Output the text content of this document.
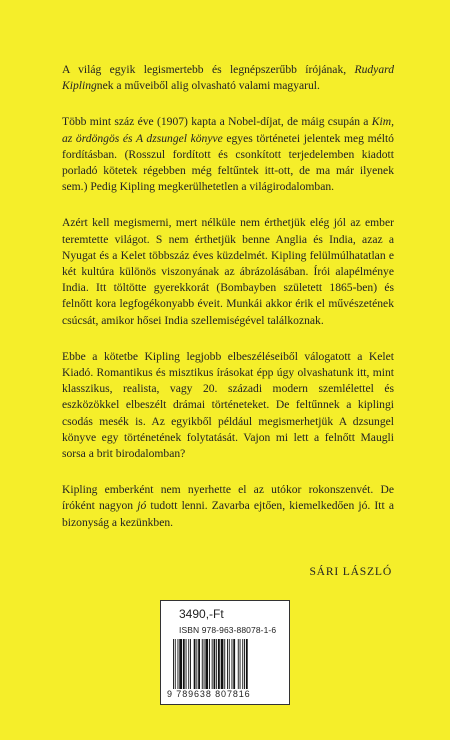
A világ egyik legismertebb és legnépszerűbb írójának, Rudyard Kiplingnek a műveiből alig olvasható valami magyarul.

Több mint száz éve (1907) kapta a Nobel-díjat, de máig csupán a Kim, az ördöngös és A dzsungel könyve egyes történetei jelentek meg méltó fordításban. (Rosszul fordított és csonkított terjedelemben kiadott porladó kötetek régebben még feltűntek itt-ott, de ma már ilyenek sem.) Pedig Kipling megkerülhetetlen a világirodalomban.

Azért kell megismerni, mert nélküle nem érthetjük elég jól az ember teremtette világot. S nem érthetjük benne Anglia és India, azaz a Nyugat és a Kelet többszáz éves küzdelmét. Kipling felülmúlhatatlan e két kultúra különös viszonyának az ábrázolásában. Írói alapélménye India. Itt töltötte gyerekkorát (Bombayben született 1865-ben) és felnőtt kora legfogékonyabb éveit. Munkái akkor érik el művészetének csúcsát, amikor hősei India szellemiségével találkoznak.

Ebbe a kötetbe Kipling legjobb elbeszéléseiből válogatott a Kelet Kiadó. Romantikus és misztikus írásokat épp úgy olvashatunk itt, mint klasszikus, realista, vagy 20. századi modern szemlélettel és eszközökkel elbeszélt drámai történeteket. De feltűnnek a kiplingi csodás mesék is. Az egyikből például megismerhetjük A dzsungel könyve egy történetének folytatását. Vajon mi lett a felnőtt Maugli sorsa a brit birodalomban?

Kipling emberként nem nyerhette el az utókor rokonszenvét. De íróként nagyon jó tudott lenni. Zavarba ejtően, kiemelkedően jó. Itt a bizonyság a kezünkben.

SÁRI LÁSZLÓ
3490,-Ft
ISBN 978-963-88078-1-6
9 789638 807816
